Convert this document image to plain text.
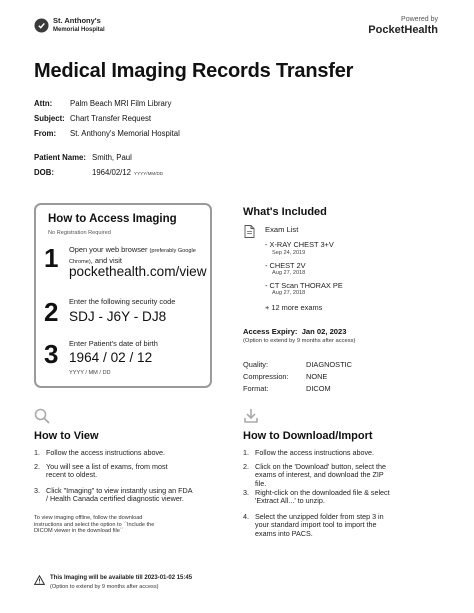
St. Anthony's
Memorial Hospital
Powered by
PocketHealth
Medical Imaging Records Transfer
Attn: Palm Beach MRI Film Library
Subject: Chart Transfer Request
From: St. Anthony's Memorial Hospital
Patient Name: Smith, Paul
DOB:	1964/02/12 YYYY/MM/DD
How to Access Imaging
No Registration Required
1 Open your web browser (preferably Google Chrome), and visit
pockethealth.com/view
2 Enter the following security code
SDJ - J6Y - DJ8
3 Enter Patient's date of birth
1964 / 02 / 12
YYYY / MM / DD
What's Included
Exam List
- X-RAY CHEST 3+V
Sep 24, 2019
- CHEST 2V
Aug 27, 2018
- CT Scan THORAX PE
Aug 27, 2018
+ 12 more exams
Access Expiry: Jan 02, 2023
(Option to extend by 9 months after access)
Quality:	DIAGNOSTIC
Compression: NONE
Format:	DICOM
How to View
1. Follow the access instructions above.
2. You will see a list of exams, from most
recent to oldest.
3. Click "Imaging" to view instantly using an FDA
/ Health Canada certified diagnostic viewer.
To view imaging offline, follow the download
instructions and select the option to ``Include the
DICOM viewer in the download file``
How to Download/Import
1. Follow the access instructions above.
2. Click on the 'Download' button, select the
exams of interest, and download the ZIP
file.
3. Right-click on the downloaded file & select
'Extract All...' to unzip.
4. Select the unzipped folder from step 3 in
your standard import tool to import the
exams into PACS.
This Imaging will be available till 2023-01-02 15:45
(Option to extend by 9 months after access)
